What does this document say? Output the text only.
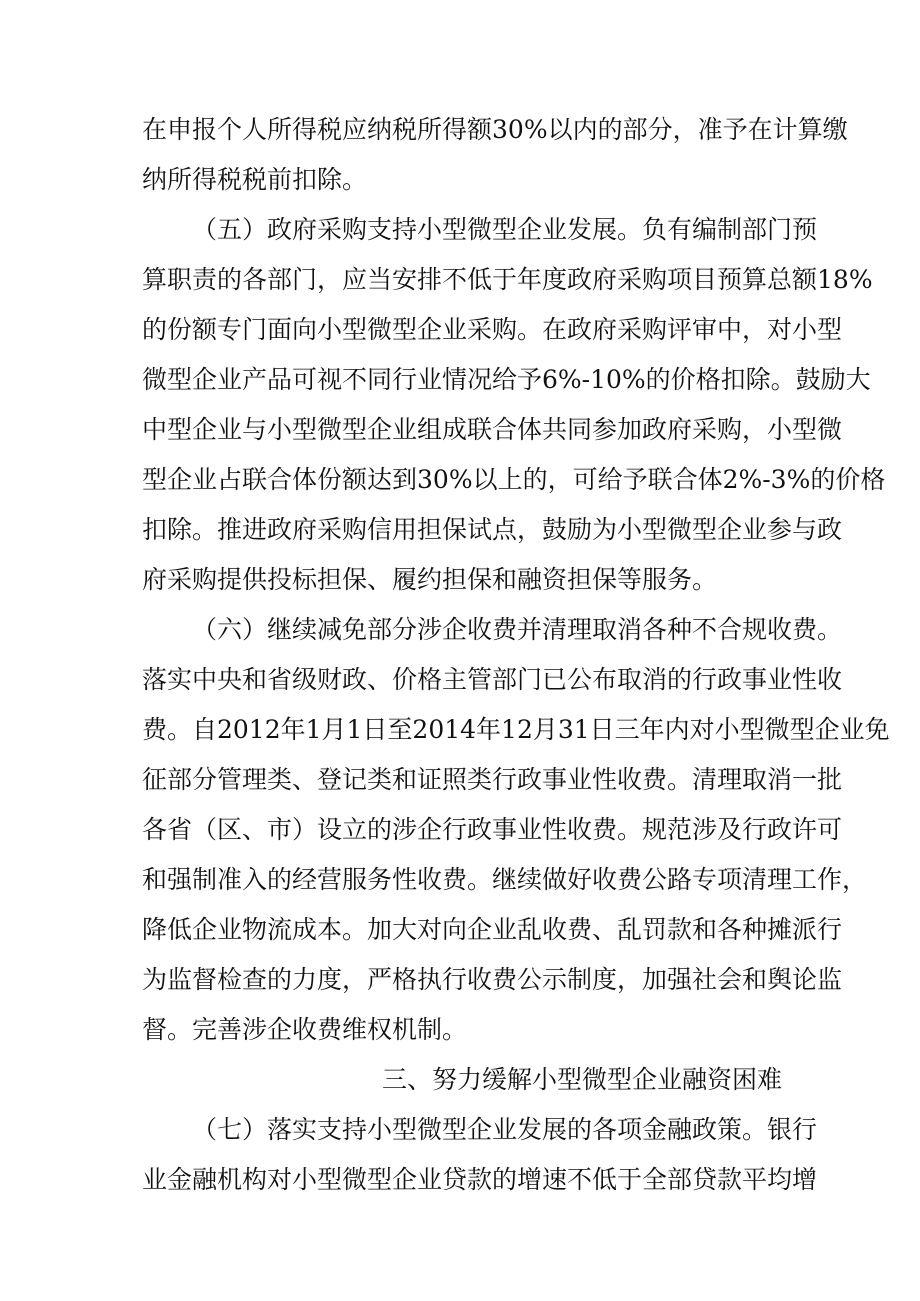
在申报个人所得税应纳税所得额30%以内的部分，准予在计算缴
纳所得税税前扣除。
（五）政府采购支持小型微型企业发展。负有编制部门预
算职责的各部门，应当安排不低于年度政府采购项目预算总额18%
的份额专门面向小型微型企业采购。在政府采购评审中，对小型
微型企业产品可视不同行业情况给予6%-10%的价格扣除。鼓励大
中型企业与小型微型企业组成联合体共同参加政府采购，小型微
型企业占联合体份额达到30%以上的，可给予联合体2%-3%的价格
扣除。推进政府采购信用担保试点，鼓励为小型微型企业参与政
府采购提供投标担保、履约担保和融资担保等服务。
（六）继续减免部分涉企收费并清理取消各种不合规收费。
落实中央和省级财政、价格主管部门已公布取消的行政事业性收
费。自2012年1月1日至2014年12月31日三年内对小型微型企业免
征部分管理类、登记类和证照类行政事业性收费。清理取消一批
各省（区、市）设立的涉企行政事业性收费。规范涉及行政许可
和强制准入的经营服务性收费。继续做好收费公路专项清理工作，
降低企业物流成本。加大对向企业乱收费、乱罚款和各种摊派行
为监督检查的力度，严格执行收费公示制度，加强社会和舆论监
督。完善涉企收费维权机制。
三、努力缓解小型微型企业融资困难
（七）落实支持小型微型企业发展的各项金融政策。银行
业金融机构对小型微型企业贷款的增速不低于全部贷款平均增
